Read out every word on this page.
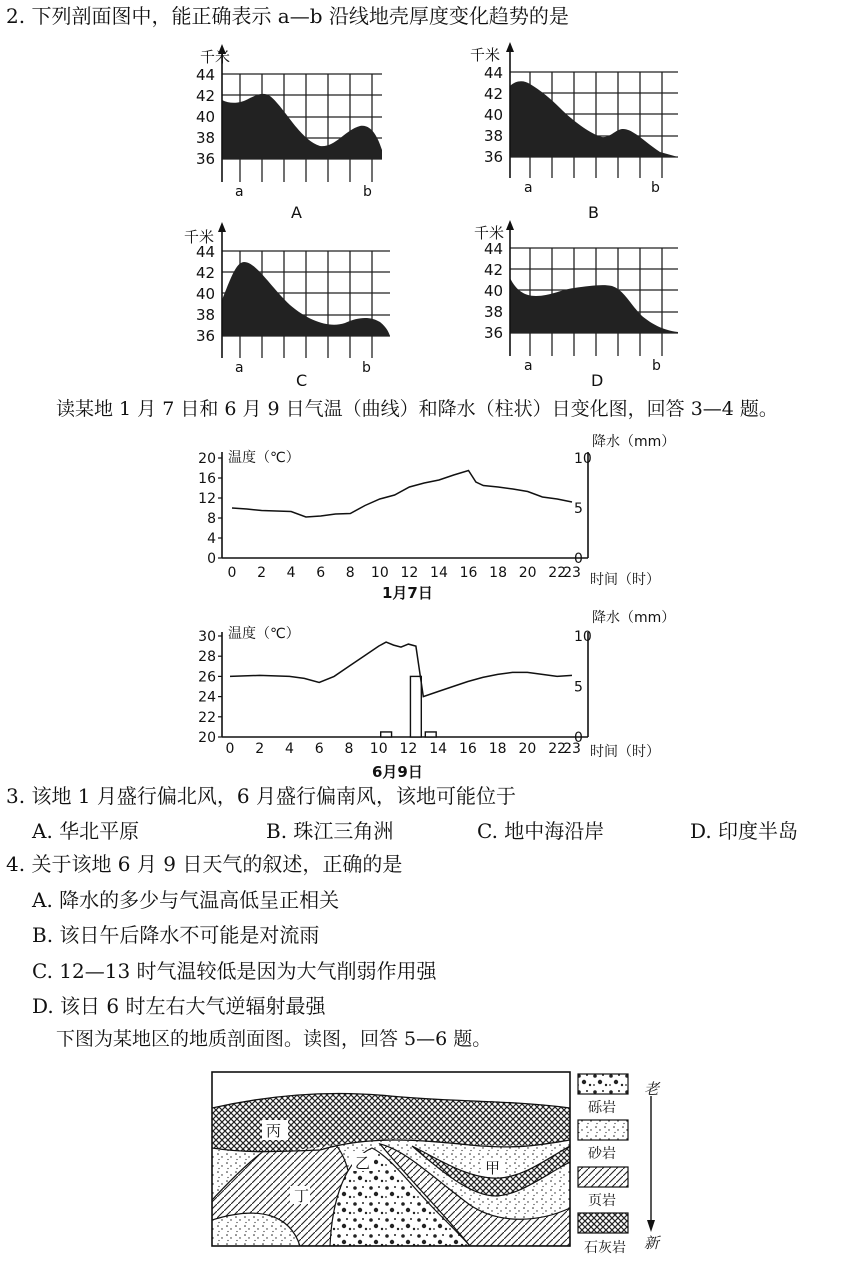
2. 下列剖面图中，能正确表示 a—b 沿线地壳厚度变化趋势的是
千米
44
42
40
38
36
a	b
A
千米
44
42
40
38
36
a	b
B
千米
44
42
40
38
36
a	b
C
千米
44
42
40
38
36
a	b
D
读某地 1 月 7 日和 6 月 9 日气温（曲线）和降水（柱状）日变化图，回答 3—4 题。
温度（℃）
降水（mm）
时间（时）
1月7日
20
16
12
8
4
0
10
5
0
0 2 4 6 8 10 12 14 16 18 20 22
23
温度（℃）
降水（mm）
时间（时）
6月9日
30
28
26
24
22
20
10
5
0
0 2 4 6 8 10 12 14 16 18 20 22
23
3. 该地 1 月盛行偏北风，6 月盛行偏南风，该地可能位于
A. 华北平原	B. 珠江三角洲	C. 地中海沿岸	D. 印度半岛
4. 关于该地 6 月 9 日天气的叙述，正确的是
A. 降水的多少与气温高低呈正相关
B. 该日午后降水不可能是对流雨
C. 12—13 时气温较低是因为大气削弱作用强
D. 该日 6 时左右大气逆辐射最强
下图为某地区的地质剖面图。读图，回答 5—6 题。
丙
乙	甲
丁
砾岩
砂岩
页岩
石灰岩
老
新
